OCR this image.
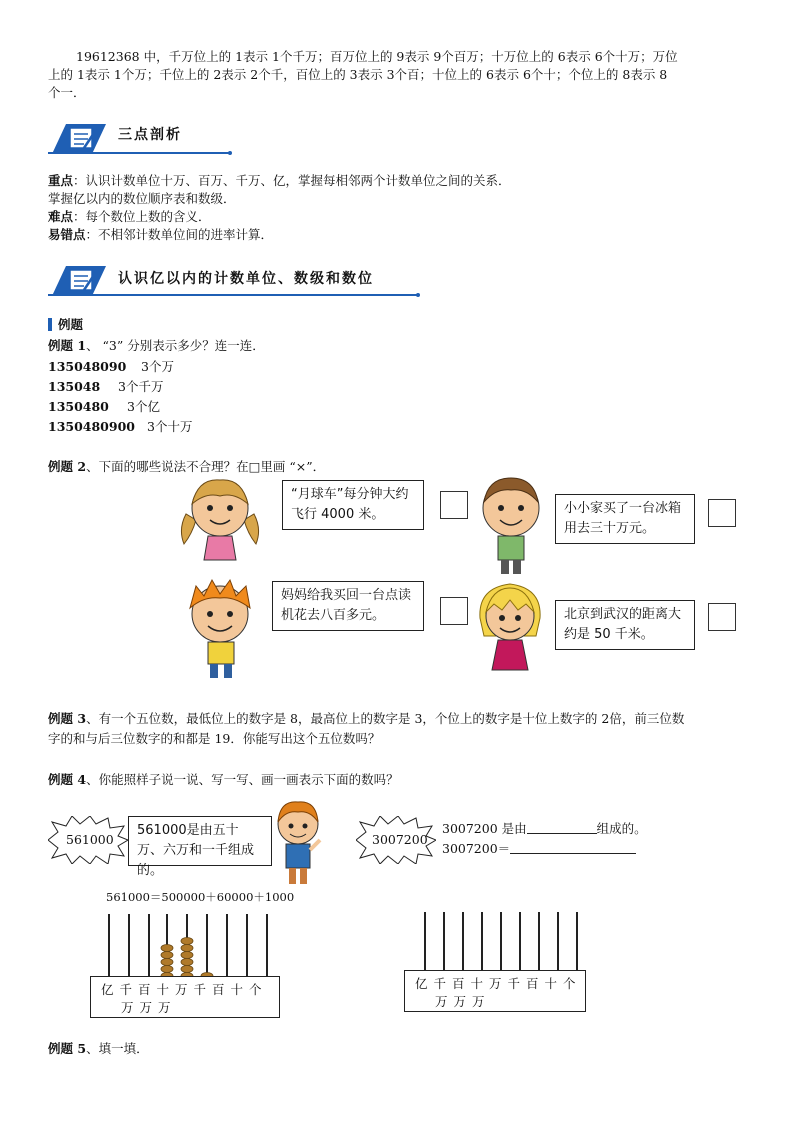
19612368 中，千万位上的 1表示 1个千万；百万位上的 9表示 9个百万；十万位上的 6表示 6个十万；万位
上的 1表示 1个万；千位上的 2表示 2个千，百位上的 3表示 3个百；十位上的 6表示 6个十；个位上的 8表示 8
个一．
三点剖析
重点：认识计数单位十万、百万、千万、亿，掌握每相邻两个计数单位之间的关系．
掌握亿以内的数位顺序表和数级．
难点：每个数位上数的含义．
易错点：不相邻计数单位间的进率计算．
认识亿以内的计数单位、数级和数位
例题
例题 1、 “3” 分别表示多少？连一连．
135048090 3个万
135048 3个千万
1350480 3个亿
1350480900 3个十万
例题 2、下面的哪些说法不合理？在□里画 “×”．
“月球车”每分钟大约飞行 4000 米。	小小家买了一台冰箱用去三十万元。
妈妈给我买回一台点读机花去八百多元。	北京到武汉的距离大约是 50 千米。
例题 3、有一个五位数，最低位上的数字是 8，最高位上的数字是 3，个位上的数字是十位上数字的 2倍，前三位数
字的和与后三位数字的和都是 19．你能写出这个五位数吗？
例题 4、你能照样子说一说、写一写、画一画表示下面的数吗？
561000
561000是由五十万、六万和一千组成的。
561000＝500000＋60000＋1000
亿千百十万千百十个
万万万
3007200
3007200 是由	组成的。
3007200＝
亿千百十万千百十个
万万万
例题 5、填一填．
